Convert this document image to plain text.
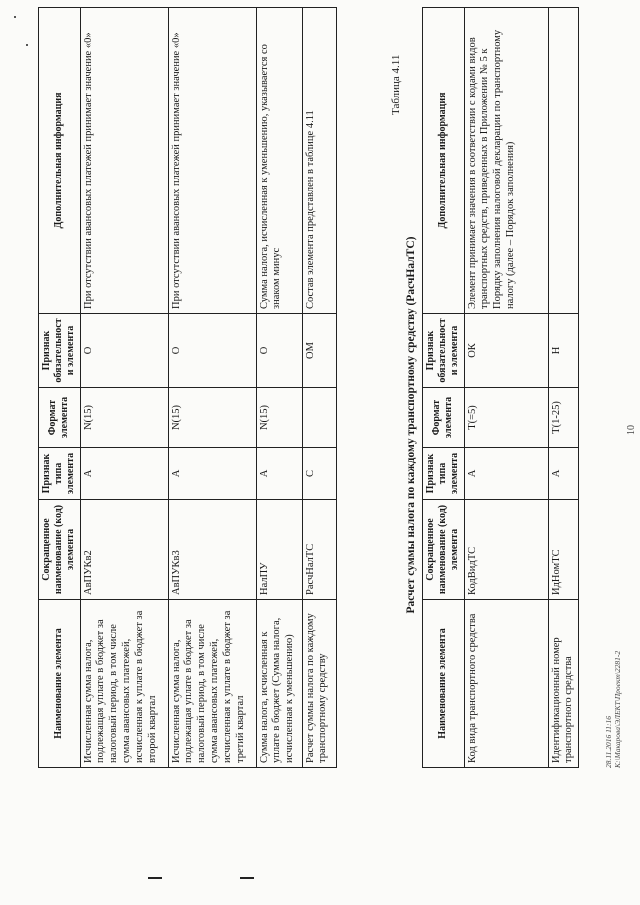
10
Наименование элемента	Сокращенное наименование (код) элемента	Признак типа элемента	Формат элемента	Признак обязательности элемента	Дополнительная информация
Исчисленная сумма налога, подлежащая уплате в бюджет за налоговый период, в том числе сумма авансовых платежей, исчисленная к уплате в бюджет за второй квартал	АвПУКв2	А	N(15)	О	При отсутствии авансовых платежей принимает значение «0»
Исчисленная сумма налога, подлежащая уплате в бюджет за налоговый период, в том числе сумма авансовых платежей, исчисленная к уплате в бюджет за третий квартал	АвПУКв3	А	N(15)	О	При отсутствии авансовых платежей принимает значение «0»
Сумма налога, исчисленная к уплате в бюджет (Сумма налога, исчисленная к уменьшению)	НалПУ	А	N(15)	О	Сумма налога, исчисленная к уменьшению, указывается со знаком минус
Расчет суммы налога по каждому транспортному средству	РасчНалТС	С		ОМ	Состав элемента представлен в таблице 4.11
Таблица 4.11
Расчет суммы налога по каждому транспортному средству (РасчНалТС)
Наименование элемента	Сокращенное наименование (код) элемента	Признак типа элемента	Формат элемента	Признак обязательности элемента	Дополнительная информация
Код вида транспортного средства	КодВидТС	А	Т(=5)	ОК	Элемент принимает значения в соответствии с кодами видов транспортных средств, приведенных в Приложении № 5 к Порядку заполнения налоговой декларации по транспортному налогу (далее – Порядок заполнения)
Идентификационный номер транспортного средства	ИдНомТС	А	Т(1-25)	Н	
28.11.2016 11:16 К:\Макарова\ЭЛЕКТ\Проект\2281-2
